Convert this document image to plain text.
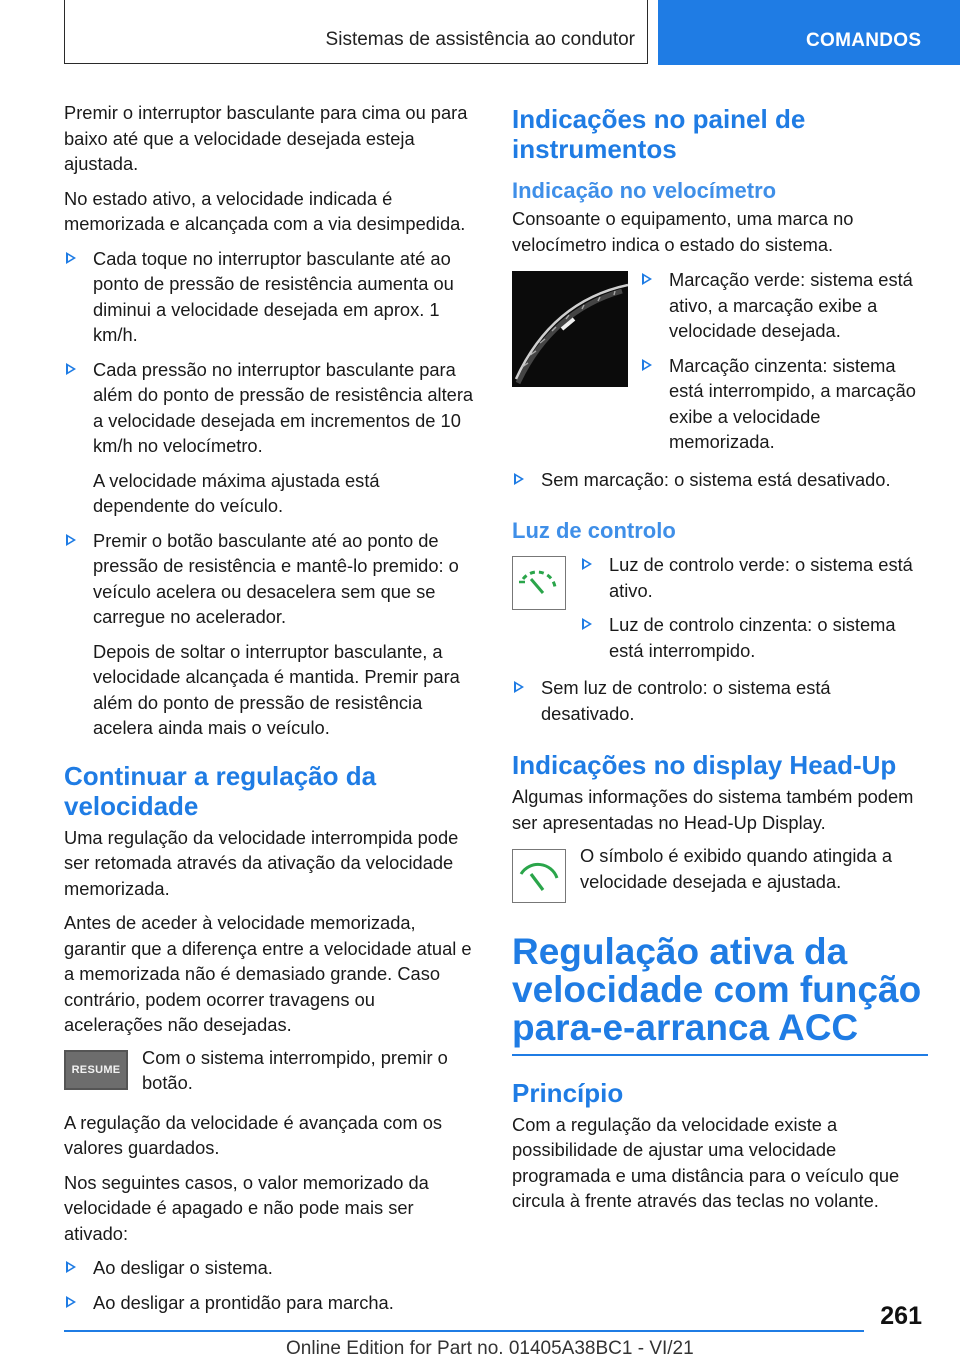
Sistemas de assistência ao condutor	COMANDOS

Premir o interruptor basculante para cima ou para baixo até que a velocidade desejada esteja ajustada.

No estado ativo, a velocidade indicada é memorizada e alcançada com a via desimpedida.

Cada toque no interruptor basculante até ao ponto de pressão de resistência aumenta ou diminui a velocidade desejada em aprox. 1 km/h.

Cada pressão no interruptor basculante para além do ponto de pressão de resistência altera a velocidade desejada em incrementos de 10 km/h no velocímetro.

A velocidade máxima ajustada está dependente do veículo.

Premir o botão basculante até ao ponto de pressão de resistência e mantê-lo premido: o veículo acelera ou desacelera sem que se carregue no acelerador.

Depois de soltar o interruptor basculante, a velocidade alcançada é mantida. Premir para além do ponto de pressão de resistência acelera ainda mais o veículo.

Continuar a regulação da velocidade

Uma regulação da velocidade interrompida pode ser retomada através da ativação da velocidade memorizada.

Antes de aceder à velocidade memorizada, garantir que a diferença entre a velocidade atual e a memorizada não é demasiado grande. Caso contrário, podem ocorrer travagens ou acelerações não desejadas.

RESUME

Com o sistema interrompido, premir o botão.

A regulação da velocidade é avançada com os valores guardados.

Nos seguintes casos, o valor memorizado da velocidade é apagado e não pode mais ser ativado:

Ao desligar o sistema.

Ao desligar a prontidão para marcha.

Indicações no painel de instrumentos
Indicação no velocímetro

Consoante o equipamento, uma marca no velocímetro indica o estado do sistema.

Marcação verde: sistema está ativo, a marcação exibe a velocidade desejada.

Marcação cinzenta: sistema está interrompido, a marcação exibe a velocidade memorizada.

Sem marcação: o sistema está desativado.

Luz de controlo

Luz de controlo verde: o sistema está ativo.

Luz de controlo cinzenta: o sistema está interrompido.

Sem luz de controlo: o sistema está desativado.

Indicações no display Head-Up

Algumas informações do sistema também podem ser apresentadas no Head-Up Display.

O símbolo é exibido quando atingida a velocidade desejada e ajustada.

Regulação ativa da velocidade com função para-e-arranca ACC
Princípio

Com a regulação da velocidade existe a possibilidade de ajustar uma velocidade programada e uma distância para o veículo que circula à frente através das teclas no volante.

261
Online Edition for Part no. 01405A38BC1 - VI/21
